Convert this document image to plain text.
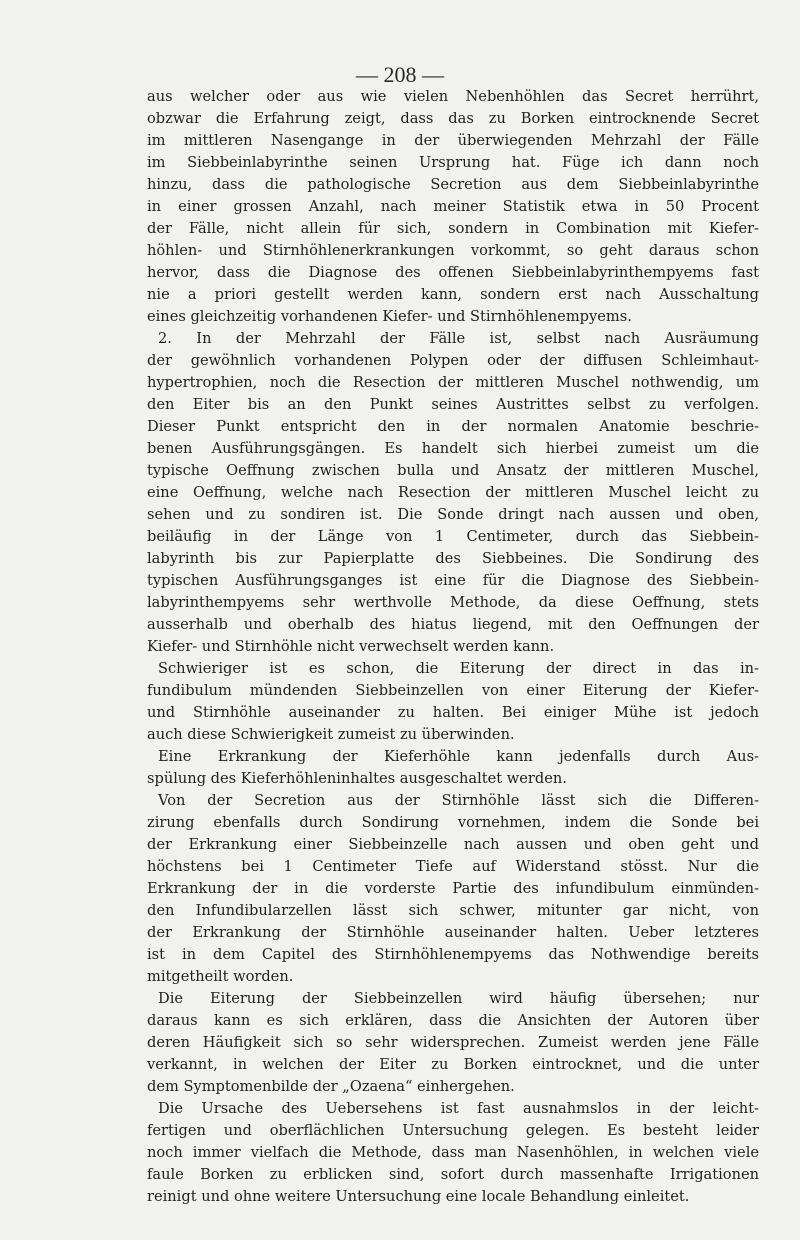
— 208 —
aus welcher oder aus wie vielen Nebenhöhlen das Secret herrührt,
obzwar die Erfahrung zeigt, dass das zu Borken eintrocknende Secret
im mittleren Nasengange in der überwiegenden Mehrzahl der Fälle
im Siebbeinlabyrinthe seinen Ursprung hat. Füge ich dann noch
hinzu, dass die pathologische Secretion aus dem Siebbeinlabyrinthe
in einer grossen Anzahl, nach meiner Statistik etwa in 50 Procent
der Fälle, nicht allein für sich, sondern in Combination mit Kiefer-
höhlen- und Stirnhöhlenerkrankungen vorkommt, so geht daraus schon
hervor, dass die Diagnose des offenen Siebbeinlabyrinthempyems fast
nie a priori gestellt werden kann, sondern erst nach Ausschaltung
eines gleichzeitig vorhandenen Kiefer- und Stirnhöhlenempyems.
2. In der Mehrzahl der Fälle ist, selbst nach Ausräumung
der gewöhnlich vorhandenen Polypen oder der diffusen Schleimhaut-
hypertrophien, noch die Resection der mittleren Muschel nothwendig, um
den Eiter bis an den Punkt seines Austrittes selbst zu verfolgen.
Dieser Punkt entspricht den in der normalen Anatomie beschrie-
benen Ausführungsgängen. Es handelt sich hierbei zumeist um die
typische Oeffnung zwischen bulla und Ansatz der mittleren Muschel,
eine Oeffnung, welche nach Resection der mittleren Muschel leicht zu
sehen und zu sondiren ist. Die Sonde dringt nach aussen und oben,
beiläufig in der Länge von 1 Centimeter, durch das Siebbein-
labyrinth bis zur Papierplatte des Siebbeines. Die Sondirung des
typischen Ausführungsganges ist eine für die Diagnose des Siebbein-
labyrinthempyems sehr werthvolle Methode, da diese Oeffnung, stets
ausserhalb und oberhalb des hiatus liegend, mit den Oeffnungen der
Kiefer- und Stirnhöhle nicht verwechselt werden kann.
Schwieriger ist es schon, die Eiterung der direct in das in-
fundibulum mündenden Siebbeinzellen von einer Eiterung der Kiefer-
und Stirnhöhle auseinander zu halten. Bei einiger Mühe ist jedoch
auch diese Schwierigkeit zumeist zu überwinden.
Eine Erkrankung der Kieferhöhle kann jedenfalls durch Aus-
spülung des Kieferhöhleninhaltes ausgeschaltet werden.
Von der Secretion aus der Stirnhöhle lässt sich die Differen-
zirung ebenfalls durch Sondirung vornehmen, indem die Sonde bei
der Erkrankung einer Siebbeinzelle nach aussen und oben geht und
höchstens bei 1 Centimeter Tiefe auf Widerstand stösst. Nur die
Erkrankung der in die vorderste Partie des infundibulum einmünden-
den Infundibularzellen lässt sich schwer, mitunter gar nicht, von
der Erkrankung der Stirnhöhle auseinander halten. Ueber letzteres
ist in dem Capitel des Stirnhöhlenempyems das Nothwendige bereits
mitgetheilt worden.
Die Eiterung der Siebbeinzellen wird häufig übersehen; nur
daraus kann es sich erklären, dass die Ansichten der Autoren über
deren Häufigkeit sich so sehr widersprechen. Zumeist werden jene Fälle
verkannt, in welchen der Eiter zu Borken eintrocknet, und die unter
dem Symptomenbilde der „Ozaena“ einhergehen.
Die Ursache des Uebersehens ist fast ausnahmslos in der leicht-
fertigen und oberflächlichen Untersuchung gelegen. Es besteht leider
noch immer vielfach die Methode, dass man Nasenhöhlen, in welchen viele
faule Borken zu erblicken sind, sofort durch massenhafte Irrigationen
reinigt und ohne weitere Untersuchung eine locale Behandlung einleitet.
